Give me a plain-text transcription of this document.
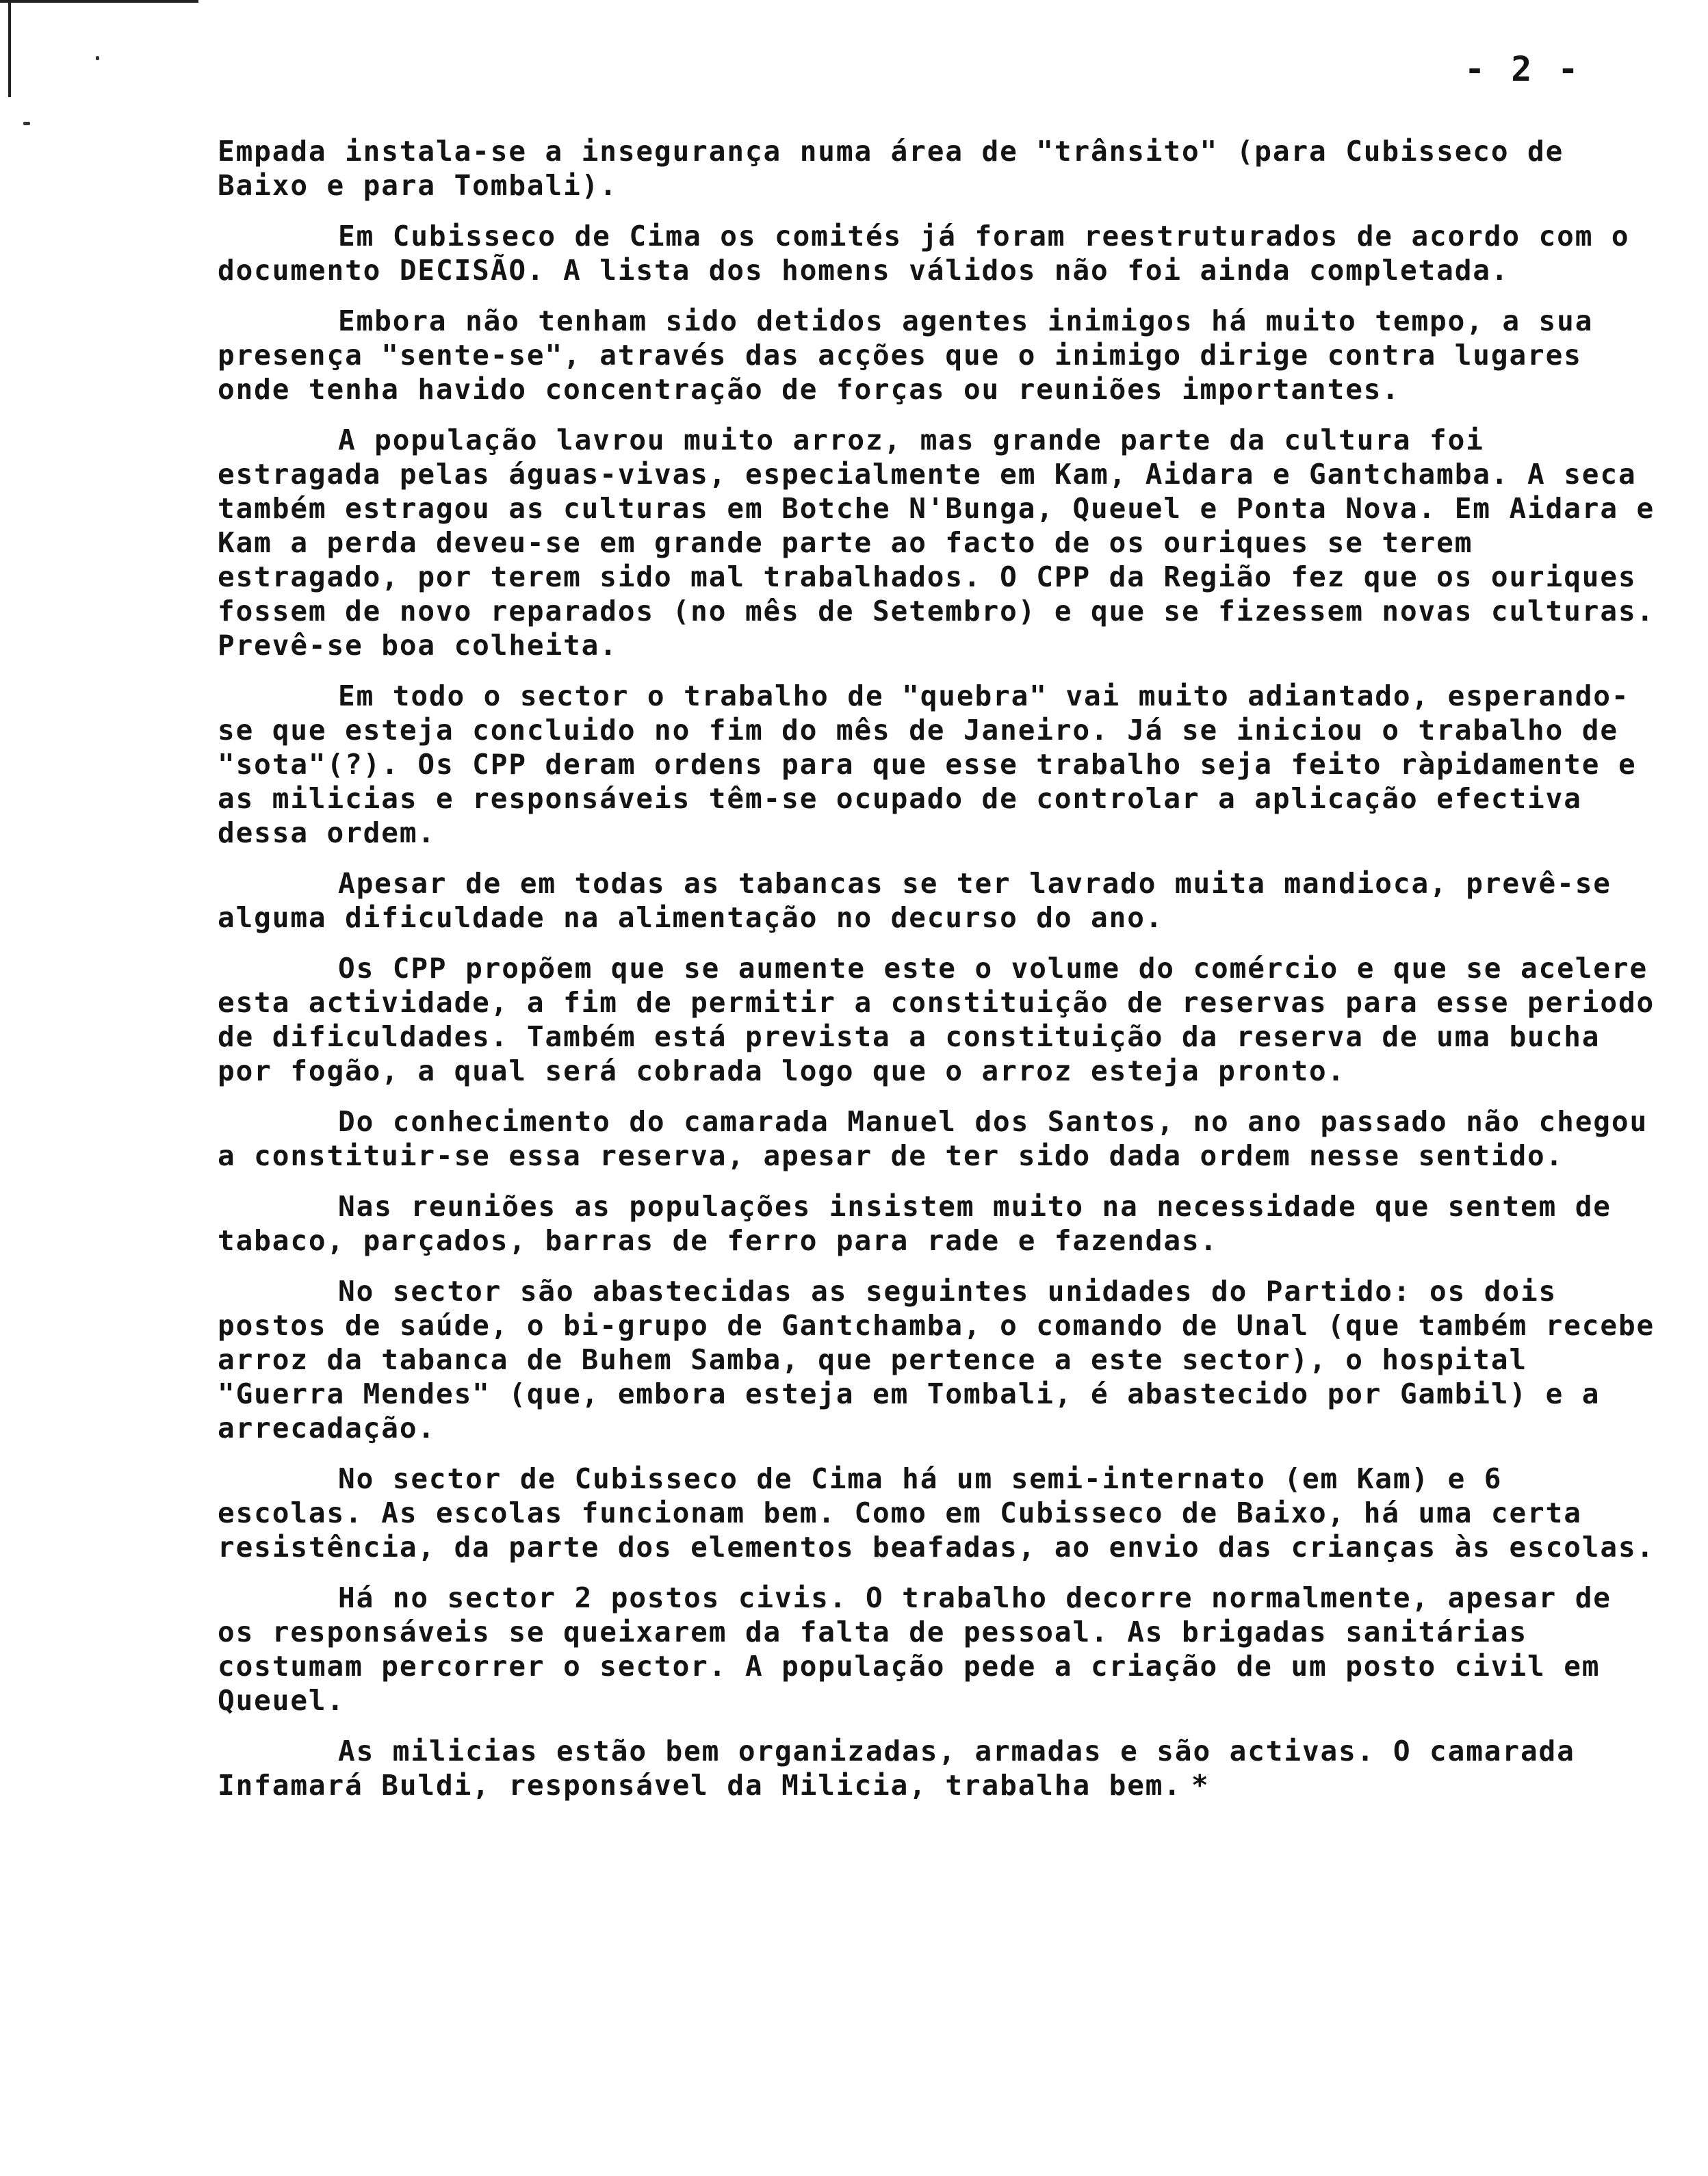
- 2 -

Empada instala-se a insegurança numa área de "trânsito" (para Cubisseco de Baixo e para Tombali).

Em Cubisseco de Cima os comités já foram reestruturados de acordo com o documento DECISÃO. A lista dos homens válidos não foi ainda completada.

Embora não tenham sido detidos agentes inimigos há muito tempo, a sua presença "sente-se", através das acções que o inimigo dirige contra lugares onde tenha havido concentração de forças ou reuniões importantes.

A população lavrou muito arroz, mas grande parte da cultura foi estragada pelas águas-vivas, especialmente em Kam, Aidara e Gantchamba. A seca também estragou as culturas em Botche N'Bunga, Queuel e Ponta Nova. Em Aidara e Kam a perda deveu-se em grande parte ao facto de os ouriques se terem estragado, por terem sido mal trabalhados. O CPP da Região fez que os ouriques fossem de novo reparados (no mês de Setembro) e que se fizessem novas culturas. Prevê-se boa colheita.

Em todo o sector o trabalho de "quebra" vai muito adiantado, esperando-se que esteja concluido no fim do mês de Janeiro. Já se iniciou o trabalho de "sota"(?). Os CPP deram ordens para que esse trabalho seja feito ràpidamente e as milicias e responsáveis têm-se ocupado de controlar a aplicação efectiva dessa ordem.

Apesar de em todas as tabancas se ter lavrado muita mandioca, prevê-se alguma dificuldade na alimentação no decurso do ano.

Os CPP propõem que se aumente este o volume do comércio e que se acelere esta actividade, a fim de permitir a constituição de reservas para esse periodo de dificuldades. Também está prevista a constituição da reserva de uma bucha por fogão, a qual será cobrada logo que o arroz esteja pronto.

Do conhecimento do camarada Manuel dos Santos, no ano passado não chegou a constituir-se essa reserva, apesar de ter sido dada ordem nesse sentido.

Nas reuniões as populações insistem muito na necessidade que sentem de tabaco, parçados, barras de ferro para rade e fazendas.

No sector são abastecidas as seguintes unidades do Partido: os dois postos de saúde, o bi-grupo de Gantchamba, o comando de Unal (que também recebe arroz da tabanca de Buhem Samba, que pertence a este sector), o hospital "Guerra Mendes" (que, embora esteja em Tombali, é abastecido por Gambil) e a arrecadação.

No sector de Cubisseco de Cima há um semi-internato (em Kam) e 6 escolas. As escolas funcionam bem. Como em Cubisseco de Baixo, há uma certa resistência, da parte dos elementos beafadas, ao envio das crianças às escolas.

Há no sector 2 postos civis. O trabalho decorre normalmente, apesar de os responsáveis se queixarem da falta de pessoal. As brigadas sanitárias costumam percorrer o sector. A população pede a criação de um posto civil em Queuel.

As milicias estão bem organizadas, armadas e são activas. O camarada Infamará Buldi, responsável da Milicia, trabalha bem. *
